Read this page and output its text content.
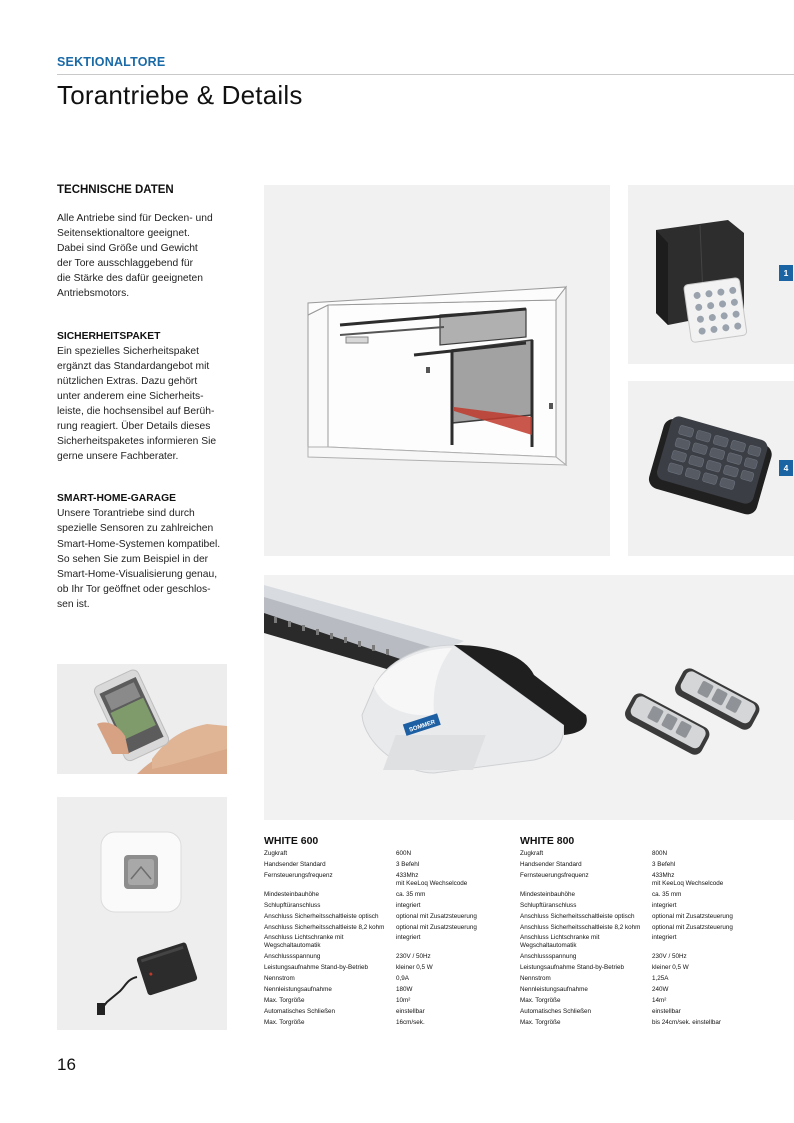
SEKTIONALTORE
Torantriebe & Details
TECHNISCHE DATEN

Alle Antriebe sind für Decken- und
Seitensektionaltore geeignet.
Dabei sind Größe und Gewicht
der Tore ausschlaggebend für
die Stärke des dafür geeigneten
Antriebsmotors.

SICHERHEITSPAKET

Ein spezielles Sicherheitspaket
ergänzt das Standardangebot mit
nützlichen Extras. Dazu gehört
unter anderem eine Sicherheits-
leiste, die hochsensibel auf Berüh-
rung reagiert. Über Details dieses
Sicherheitspaketes informieren Sie
gerne unsere Fachberater.

SMART-HOME-GARAGE

Unsere Torantriebe sind durch
spezielle Sensoren zu zahlreichen
Smart-Home-Systemen kompatibel.
So sehen Sie zum Beispiel in der
Smart-Home-Visualisierung genau,
ob Ihr Tor geöffnet oder geschlos-
sen ist.

1
4
SOMMER
WHITE 600
Zugkraft	600N
Handsender Standard	3 Befehl
Fernsteuerungsfrequenz	433Mhz
mit KeeLoq Wechselcode
Mindesteinbauhöhe	ca. 35 mm
Schlupftüranschluss	integriert
Anschluss Sicherheitsschaltleiste optisch	optional mit Zusatzsteuerung
Anschluss Sicherheitsschaltleiste 8,2 kohm	optional mit Zusatzsteuerung
Anschluss Lichtschranke mit
Wegschaltautomatik	integriert
Anschlussspannung	230V / 50Hz
Leistungsaufnahme Stand-by-Betrieb	kleiner 0,5 W
Nennstrom	0,9A
Nennleistungsaufnahme	180W
Max. Torgröße	10m²
Automatisches Schließen	einstellbar
Max. Torgröße	16cm/sek.
WHITE 800
Zugkraft	800N
Handsender Standard	3 Befehl
Fernsteuerungsfrequenz	433Mhz
mit KeeLoq Wechselcode
Mindesteinbauhöhe	ca. 35 mm
Schlupftüranschluss	integriert
Anschluss Sicherheitsschaltleiste optisch	optional mit Zusatzsteuerung
Anschluss Sicherheitsschaltleiste 8,2 kohm	optional mit Zusatzsteuerung
Anschluss Lichtschranke mit
Wegschaltautomatik	integriert
Anschlussspannung	230V / 50Hz
Leistungsaufnahme Stand-by-Betrieb	kleiner 0,5 W
Nennstrom	1,25A
Nennleistungsaufnahme	240W
Max. Torgröße	14m²
Automatisches Schließen	einstellbar
Max. Torgröße	bis 24cm/sek. einstellbar
16
